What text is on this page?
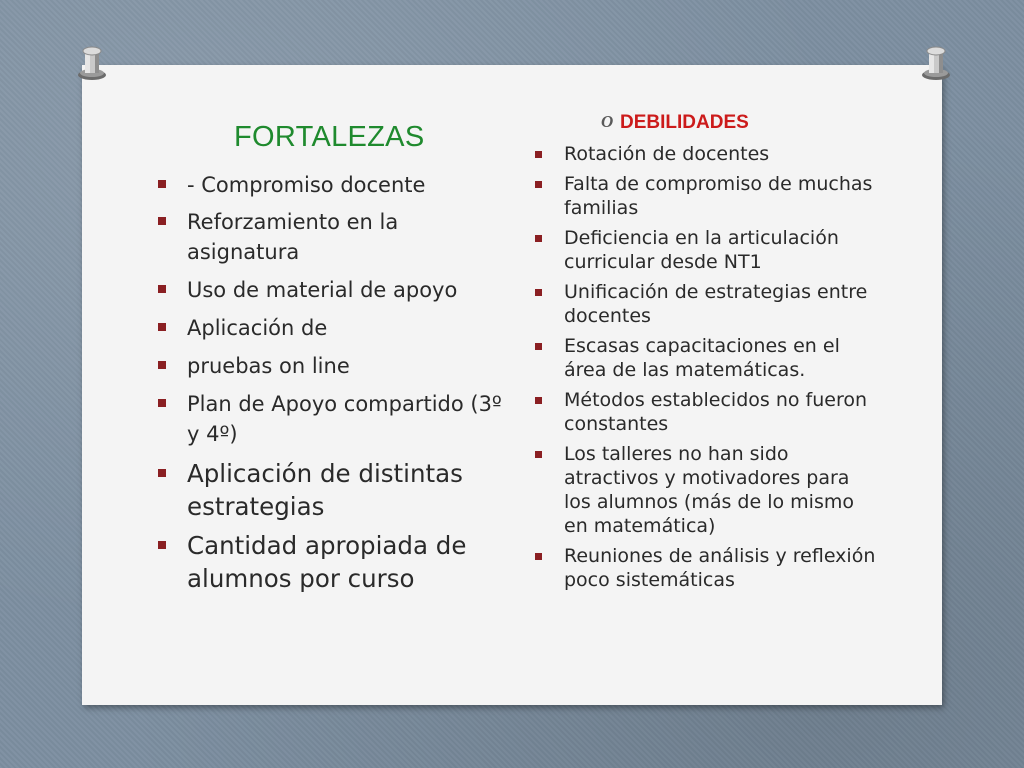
FORTALEZAS
- Compromiso docente
Reforzamiento en la asignatura
Uso de material de apoyo
Aplicación de
pruebas on line
Plan de Apoyo compartido (3º y 4º)
Aplicación de distintas estrategias
Cantidad apropiada de alumnos por curso
O DEBILIDADES
Rotación de docentes
Falta de compromiso de muchas familias
Deficiencia en la articulación curricular desde NT1
Unificación de estrategias entre docentes
Escasas capacitaciones en el área de las matemáticas.
Métodos establecidos no fueron constantes
Los talleres no han sido atractivos y motivadores para los alumnos (más de lo mismo en matemática)
Reuniones de análisis y reflexión poco sistemáticas
